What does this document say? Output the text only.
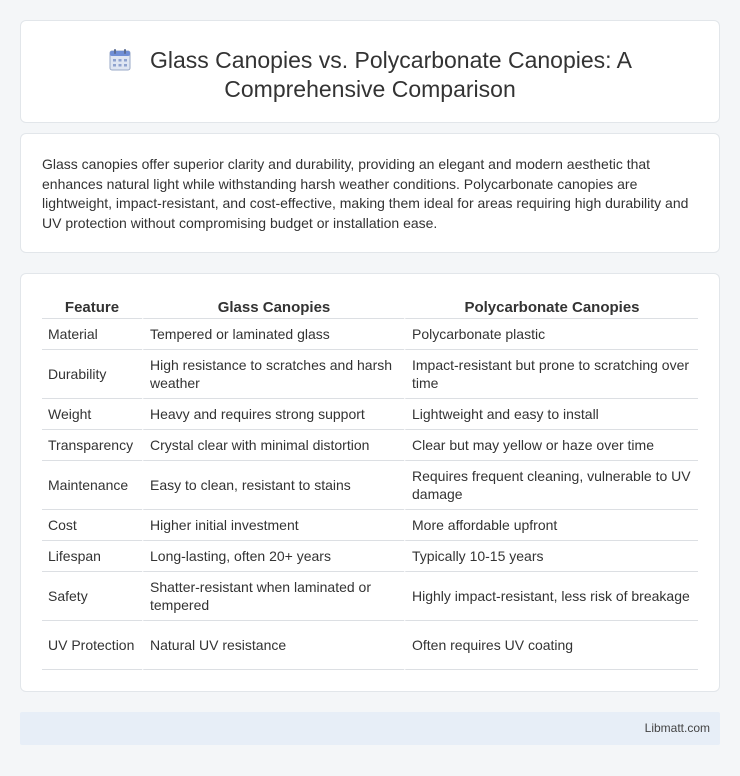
Glass Canopies vs. Polycarbonate Canopies: A
Comprehensive Comparison

Glass canopies offer superior clarity and durability, providing an elegant and modern aesthetic that enhances natural light while withstanding harsh weather conditions. Polycarbonate canopies are lightweight, impact-resistant, and cost-effective, making them ideal for areas requiring high durability and UV protection without compromising budget or installation ease.

Feature	Glass Canopies	Polycarbonate Canopies
Material	Tempered or laminated glass	Polycarbonate plastic
Durability	High resistance to scratches and harsh weather	Impact-resistant but prone to scratching over time
Weight	Heavy and requires strong support	Lightweight and easy to install
Transparency	Crystal clear with minimal distortion	Clear but may yellow or haze over time
Maintenance	Easy to clean, resistant to stains	Requires frequent cleaning, vulnerable to UV damage
Cost	Higher initial investment	More affordable upfront
Lifespan	Long-lasting, often 20+ years	Typically 10-15 years
Safety	Shatter-resistant when laminated or tempered	Highly impact-resistant, less risk of breakage
UV Protection	Natural UV resistance	Often requires UV coating
Libmatt.com
